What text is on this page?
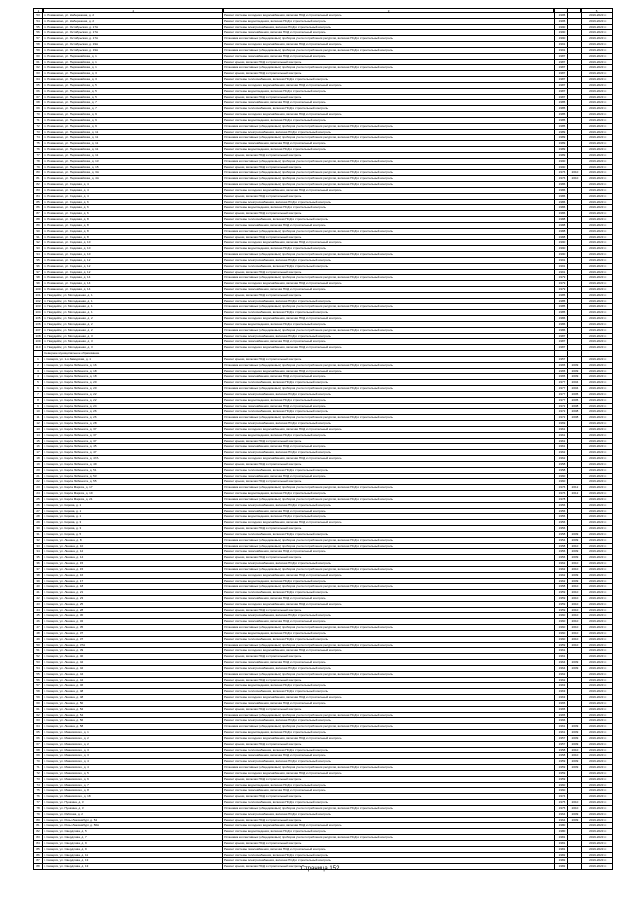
1	2	3	4	5
53	п. Ромашкино, ул. Набережная, д. 2	Ремонт системы холодного водоснабжения, включая ПСД и строительный контроль	1995	2019-2023 гг.
54	п. Ромашкино, ул. Набережная, д. 2	Ремонт системы водоотведения, включая ПСД и строительный контроль	1995	2019-2023 гг.
55	п. Ромашкино, ул. Октябрьская, д. 17А	Ремонт системы электроснабжения, включая ПСД и строительный контроль	1990	2019-2023 гг.
56	п. Ромашкино, ул. Октябрьская, д. 17А	Ремонт системы газоснабжения, включая ПСД и строительный контроль	1990	2019-2023 гг.
57	п. Ромашкино, ул. Октябрьская, д. 17А	Установка коллективных (общедомовых) приборов учета потребления ресурсов, включая ПСД и строительный контроль	1990	2019-2023 гг.
58	п. Ромашкино, ул. Октябрьская, д. 19А	Ремонт системы холодного водоснабжения, включая ПСД и строительный контроль	1991	2019-2023 гг.
59	п. Ромашкино, ул. Октябрьская, д. 19А	Установка коллективных (общедомовых) приборов учета потребления ресурсов, включая ПСД и строительный контроль	1991	2019-2023 гг.
60	п. Ромашкино, ул. Первомайская, д. 1	Ремонт системы газоснабжения, включая ПСД и строительный контроль	1987	2019-2023 гг.
61	п. Ромашкино, ул. Первомайская, д. 1	Ремонт крыши, включая ПСД и строительный контроль	1987	2019-2023 гг.
62	п. Ромашкино, ул. Первомайская, д. 1	Установка коллективных (общедомовых) приборов учета потребления ресурсов, включая ПСД и строительный контроль	1987	2019-2023 гг.
63	п. Ромашкино, ул. Первомайская, д. 3	Ремонт крыши, включая ПСД и строительный контроль	1987	2019-2023 гг.
64	п. Ромашкино, ул. Первомайская, д. 3	Ремонт системы теплоснабжения, включая ПСД и строительный контроль	1987	2019-2023 гг.
65	п. Ромашкино, ул. Первомайская, д. 5	Ремонт системы холодного водоснабжения, включая ПСД и строительный контроль	1987	2019-2023 гг.
66	п. Ромашкино, ул. Первомайская, д. 5	Ремонт системы водоотведения, включая ПСД и строительный контроль	1987	2019-2023 гг.
67	п. Ромашкино, ул. Первомайская, д. 5	Ремонт крыши, включая ПСД и строительный контроль	1987	2019-2023 гг.
68	п. Ромашкино, ул. Первомайская, д. 7	Ремонт системы газоснабжения, включая ПСД и строительный контроль	1985	2019-2023 гг.
69	п. Ромашкино, ул. Первомайская, д. 7	Ремонт системы теплоснабжения, включая ПСД и строительный контроль	1985	2019-2023 гг.
70	п. Ромашкино, ул. Первомайская, д. 9	Ремонт системы холодного водоснабжения, включая ПСД и строительный контроль	1985	2019-2023 гг.
71	п. Ромашкино, ул. Первомайская, д. 9	Ремонт системы водоотведения, включая ПСД и строительный контроль	1985	2019-2023 гг.
72	п. Ромашкино, ул. Первомайская, д. 9	Установка коллективных (общедомовых) приборов учета потребления ресурсов, включая ПСД и строительный контроль	1985	2019-2023 гг.
73	п. Ромашкино, ул. Первомайская, д. 11	Ремонт системы электроснабжения, включая ПСД и строительный контроль	1989	2019-2023 гг.
74	п. Ромашкино, ул. Первомайская, д. 11	Установка коллективных (общедомовых) приборов учета потребления ресурсов, включая ПСД и строительный контроль	1989	2019-2023 гг.
75	п. Ромашкино, ул. Первомайская, д. 11	Ремонт системы газоснабжения, включая ПСД и строительный контроль	1989	2019-2023 гг.
76	п. Ромашкино, ул. Первомайская, д. 11	Ремонт системы водоотведения, включая ПСД и строительный контроль	1989	2019-2023 гг.
77	п. Ромашкино, ул. Первомайская, д. 11	Ремонт крыши, включая ПСД и строительный контроль	1989	2019-2023 гг.
78	п. Ромашкино, ул. Первомайская, д. 13	Установка коллективных (общедомовых) приборов учета потребления ресурсов, включая ПСД и строительный контроль	1990	2019-2023 гг.
79	п. Ромашкино, ул. Первомайская, д. 15	Ремонт крыши, включая ПСД и строительный контроль	1990	2019-2023 гг.
80	п. Ромашкино, ул. Первомайская, д. 3А	Установка коллективных (общедомовых) приборов учета потребления ресурсов, включая ПСД и строительный контроль	1976	2010	2019-2023 гг.
81	п. Ромашкино, ул. Первомайская, д. 4А	Установка коллективных (общедомовых) приборов учета потребления ресурсов, включая ПСД и строительный контроль	1976	2010	2019-2023 гг.
82	п. Ромашкино, ул. Садовая, д. 4	Установка коллективных (общедомовых) приборов учета потребления ресурсов, включая ПСД и строительный контроль	1986	2019-2023 гг.
83	п. Ромашкино, ул. Садовая, д. 4	Ремонт системы холодного водоснабжения, включая ПСД и строительный контроль	1986	2019-2023 гг.
84	п. Ромашкино, ул. Садовая, д. 4	Ремонт крыши, включая ПСД и строительный контроль	1986	2019-2023 гг.
85	п. Ромашкино, ул. Садовая, д. 6	Ремонт системы электроснабжения, включая ПСД и строительный контроль	1986	2019-2023 гг.
86	п. Ромашкино, ул. Садовая, д. 6	Ремонт системы водоотведения, включая ПСД и строительный контроль	1986	2019-2023 гг.
87	п. Ромашкино, ул. Садовая, д. 6	Ремонт крыши, включая ПСД и строительный контроль	1986	2019-2023 гг.
88	п. Ромашкино, ул. Садовая, д. 8	Ремонт системы теплоснабжения, включая ПСД и строительный контроль	1988	2019-2023 гг.
89	п. Ромашкино, ул. Садовая, д. 8	Ремонт системы газоснабжения, включая ПСД и строительный контроль	1988	2019-2023 гг.
90	п. Ромашкино, ул. Садовая, д. 8	Установка коллективных (общедомовых) приборов учета потребления ресурсов, включая ПСД и строительный контроль	1988	2019-2023 гг.
91	п. Ромашкино, ул. Садовая, д. 8	Ремонт крыши, включая ПСД и строительный контроль	1988	2019-2023 гг.
92	п. Ромашкино, ул. Садовая, д. 10	Ремонт системы холодного водоснабжения, включая ПСД и строительный контроль	1990	2019-2023 гг.
93	п. Ромашкино, ул. Садовая, д. 10	Ремонт системы водоотведения, включая ПСД и строительный контроль	1990	2019-2023 гг.
94	п. Ромашкино, ул. Садовая, д. 10	Установка коллективных (общедомовых) приборов учета потребления ресурсов, включая ПСД и строительный контроль	1990	2019-2023 гг.
95	п. Ромашкино, ул. Садовая, д. 12	Ремонт системы электроснабжения, включая ПСД и строительный контроль	1991	2019-2023 гг.
96	п. Ромашкино, ул. Садовая, д. 12	Ремонт системы теплоснабжения, включая ПСД и строительный контроль	1991	2019-2023 гг.
97	п. Ромашкино, ул. Садовая, д. 12	Ремонт крыши, включая ПСД и строительный контроль	1991	2019-2023 гг.
98	п. Ромашкино, ул. Садовая, д. 14	Установка коллективных (общедомовых) приборов учета потребления ресурсов, включая ПСД и строительный контроль	1979	2019-2023 гг.
99	п. Ромашкино, ул. Садовая, д. 14	Ремонт системы холодного водоснабжения, включая ПСД и строительный контроль	1979	2019-2023 гг.
100	п. Ромашкино, ул. Садовая, д. 14	Ремонт системы газоснабжения, включая ПСД и строительный контроль	1979	2019-2023 гг.
101	п. Гвардейск, ул. Молодежная, д. 1	Ремонт крыши, включая ПСД и строительный контроль	1985	2019-2023 гг.
102	п. Гвардейск, ул. Молодежная, д. 1	Ремонт системы электроснабжения, включая ПСД и строительный контроль	1985	2019-2023 гг.
103	п. Гвардейск, ул. Молодежная, д. 1	Установка коллективных (общедомовых) приборов учета потребления ресурсов, включая ПСД и строительный контроль	1985	2019-2023 гг.
104	п. Гвардейск, ул. Молодежная, д. 1	Ремонт системы теплоснабжения, включая ПСД и строительный контроль	1985	2019-2023 гг.
105	п. Гвардейск, ул. Молодежная, д. 2	Ремонт системы холодного водоснабжения, включая ПСД и строительный контроль	1986	2019-2023 гг.
106	п. Гвардейск, ул. Молодежная, д. 2	Ремонт системы водоотведения, включая ПСД и строительный контроль	1986	2019-2023 гг.
107	п. Гвардейск, ул. Молодежная, д. 2	Установка коллективных (общедомовых) приборов учета потребления ресурсов, включая ПСД и строительный контроль	1986	2019-2023 гг.
108	п. Гвардейск, ул. Молодежная, д. 3	Ремонт системы электроснабжения, включая ПСД и строительный контроль	1987	2019-2023 гг.
109	п. Гвардейск, ул. Молодежная, д. 3	Ремонт системы газоснабжения, включая ПСД и строительный контроль	1987	2019-2023 гг.
110	п. Гвардейск, ул. Молодежная, д. 3	Ремонт системы холодного водоснабжения, включая ПСД и строительный контроль	1987	2019-2023 гг.
Северное муниципальное образование
1	г. Северск, ул. 1-я Заводская, д. 1	Ремонт крыши, включая ПСД и строительный контроль	1957	2019-2023 гг.
2	г. Северск, ул. Карла Либкнехта, д. 16	Установка коллективных (общедомовых) приборов учета потребления ресурсов, включая ПСД и строительный контроль	1965	2009	2019-2023 гг.
3	г. Северск, ул. Карла Либкнехта, д. 18	Ремонт системы холодного водоснабжения, включая ПСД и строительный контроль	1965	2009	2019-2023 гг.
4	г. Северск, ул. Карла Либкнехта, д. 18	Ремонт системы газоснабжения, включая ПСД и строительный контроль	1965	2009	2019-2023 гг.
5	г. Северск, ул. Карла Либкнехта, д. 20	Ремонт системы теплоснабжения, включая ПСД и строительный контроль	1977	2004	2019-2023 гг.
6	г. Северск, ул. Карла Либкнехта, д. 20	Установка коллективных (общедомовых) приборов учета потребления ресурсов, включая ПСД и строительный контроль	1977	2004	2019-2023 гг.
7	г. Северск, ул. Карла Либкнехта, д. 22	Ремонт системы электроснабжения, включая ПСД и строительный контроль	1977	2005	2019-2023 гг.
8	г. Северск, ул. Карла Либкнехта, д. 22	Ремонт системы водоотведения, включая ПСД и строительный контроль	1977	2005	2019-2023 гг.
9	г. Северск, ул. Карла Либкнехта, д. 24	Ремонт системы газоснабжения, включая ПСД и строительный контроль	1972	2008	2019-2023 гг.
10	г. Северск, ул. Карла Либкнехта, д. 26	Ремонт системы теплоснабжения, включая ПСД и строительный контроль	1972	2008	2019-2023 гг.
11	г. Северск, ул. Карла Либкнехта, д. 26	Установка коллективных (общедомовых) приборов учета потребления ресурсов, включая ПСД и строительный контроль	1972	2008	2019-2023 гг.
12	г. Северск, ул. Карла Либкнехта, д. 28	Ремонт системы электроснабжения, включая ПСД и строительный контроль	1969	2019-2023 гг.
13	г. Северск, ул. Карла Либкнехта, д. 37	Ремонт системы холодного водоснабжения, включая ПСД и строительный контроль	1961	2019-2023 гг.
14	г. Северск, ул. Карла Либкнехта, д. 37	Ремонт системы водоотведения, включая ПСД и строительный контроль	1961	2019-2023 гг.
15	г. Северск, ул. Карла Либкнехта, д. 37	Ремонт крыши, включая ПСД и строительный контроль	1961	2019-2023 гг.
16	г. Северск, ул. Карла Либкнехта, д. 45	Ремонт системы газоснабжения, включая ПСД и строительный контроль	1961	2019-2023 гг.
17	г. Северск, ул. Карла Либкнехта, д. 47	Ремонт системы электроснабжения, включая ПСД и строительный контроль	1962	2019-2023 гг.
18	г. Северск, ул. Карла Либкнехта, д. 47А	Ремонт системы холодного водоснабжения, включая ПСД и строительный контроль	1962	2019-2023 гг.
19	г. Северск, ул. Карла Либкнехта, д. 49	Ремонт крыши, включая ПСД и строительный контроль	1958	2019-2023 гг.
20	г. Северск, ул. Карла Либкнехта, д. 51	Ремонт системы теплоснабжения, включая ПСД и строительный контроль	1958	2019-2023 гг.
21	г. Северск, ул. Карла Либкнехта, д. 53	Ремонт системы газоснабжения, включая ПСД и строительный контроль	1960	2019-2023 гг.
22	г. Северск, ул. Карла Либкнехта, д. 55	Ремонт крыши, включая ПСД и строительный контроль	1960	2019-2023 гг.
23	г. Северск, ул. Карла Маркса, д. 17	Установка коллективных (общедомовых) приборов учета потребления ресурсов, включая ПСД и строительный контроль	1976	2012	2019-2023 гг.
24	г. Северск, ул. Карла Маркса, д. 19	Ремонт системы водоотведения, включая ПСД и строительный контроль	1976	2012	2019-2023 гг.
25	г. Северск, ул. Карла Маркса, д. 21	Установка коллективных (общедомовых) приборов учета потребления ресурсов, включая ПСД и строительный контроль	1978	2019-2023 гг.
26	г. Северск, ул. Кирова, д. 1	Ремонт системы электроснабжения, включая ПСД и строительный контроль	1956	2019-2023 гг.
27	г. Северск, ул. Кирова, д. 1	Ремонт системы газоснабжения, включая ПСД и строительный контроль	1956	2019-2023 гг.
28	г. Северск, ул. Кирова, д. 1	Ремонт системы водоотведения, включая ПСД и строительный контроль	1956	2019-2023 гг.
29	г. Северск, ул. Кирова, д. 3	Ремонт системы холодного водоснабжения, включая ПСД и строительный контроль	1956	2019-2023 гг.
30	г. Северск, ул. Кирова, д. 3	Ремонт крыши, включая ПСД и строительный контроль	1956	2019-2023 гг.
31	г. Северск, ул. Кирова, д. 5	Ремонт системы теплоснабжения, включая ПСД и строительный контроль	1958	2009	2019-2023 гг.
32	г. Северск, ул. Ленина, д. 8	Установка коллективных (общедомовых) приборов учета потребления ресурсов, включая ПСД и строительный контроль	1954	2009	2019-2023 гг.
33	г. Северск, ул. Ленина, д. 10	Установка коллективных (общедомовых) приборов учета потребления ресурсов, включая ПСД и строительный контроль	1958	2010	2019-2023 гг.
34	г. Северск, ул. Ленина, д. 12	Ремонт системы газоснабжения, включая ПСД и строительный контроль	1956	2009	2019-2023 гг.
35	г. Северск, ул. Ленина, д. 14	Ремонт крыши, включая ПСД и строительный контроль	1956	2009	2019-2023 гг.
36	г. Северск, ул. Ленина, д. 15	Ремонт системы электроснабжения, включая ПСД и строительный контроль	1962	2010	2019-2023 гг.
37	г. Северск, ул. Ленина, д. 15	Установка коллективных (общедомовых) приборов учета потребления ресурсов, включая ПСД и строительный контроль	1962	2010	2019-2023 гг.
38	г. Северск, ул. Ленина, д. 16	Ремонт системы холодного водоснабжения, включая ПСД и строительный контроль	1962	2009	2019-2023 гг.
39	г. Северск, ул. Ленина, д. 17	Ремонт системы водоотведения, включая ПСД и строительный контроль	1962	2009	2019-2023 гг.
40	г. Северск, ул. Ленина, д. 18	Установка коллективных (общедомовых) приборов учета потребления ресурсов, включая ПСД и строительный контроль	1958	2010	2019-2023 гг.
41	г. Северск, ул. Ленина, д. 21	Ремонт системы теплоснабжения, включая ПСД и строительный контроль	1959	2010	2019-2023 гг.
42	г. Северск, ул. Ленина, д. 23	Ремонт системы газоснабжения, включая ПСД и строительный контроль	1959	2010	2019-2023 гг.
43	г. Северск, ул. Ленина, д. 25	Ремонт системы холодного водоснабжения, включая ПСД и строительный контроль	1959	2010	2019-2023 гг.
44	г. Северск, ул. Ленина, д. 28	Ремонт крыши, включая ПСД и строительный контроль	1959	2010	2019-2023 гг.
45	г. Северск, ул. Ленина, д. 30	Ремонт системы электроснабжения, включая ПСД и строительный контроль	1960	2010	2019-2023 гг.
46	г. Северск, ул. Ленина, д. 32	Ремонт системы газоснабжения, включая ПСД и строительный контроль	1960	2010	2019-2023 гг.
47	г. Северск, ул. Ленина, д. 35	Установка коллективных (общедомовых) приборов учета потребления ресурсов, включая ПСД и строительный контроль	1960	2010	2019-2023 гг.
48	г. Северск, ул. Ленина, д. 37	Ремонт системы водоотведения, включая ПСД и строительный контроль	1960	2010	2019-2023 гг.
49	г. Северск, ул. Ленина, д. 37	Ремонт системы теплоснабжения, включая ПСД и строительный контроль	1960	2010	2019-2023 гг.
50	г. Северск, ул. Ленина, д. 37А	Установка коллективных (общедомовых) приборов учета потребления ресурсов, включая ПСД и строительный контроль	1959	2010	2019-2023 гг.
51	г. Северск, ул. Ленина, д. 39	Ремонт системы холодного водоснабжения, включая ПСД и строительный контроль	1961	2019-2023 гг.
52	г. Северск, ул. Ленина, д. 40	Ремонт крыши, включая ПСД и строительный контроль	1961	2019-2023 гг.
53	г. Северск, ул. Ленина, д. 42	Ремонт системы газоснабжения, включая ПСД и строительный контроль	1964	2009	2019-2023 гг.
54	г. Северск, ул. Ленина, д. 42	Ремонт системы электроснабжения, включая ПСД и строительный контроль	1964	2009	2019-2023 гг.
55	г. Северск, ул. Ленина, д. 44	Установка коллективных (общедомовых) приборов учета потребления ресурсов, включая ПСД и строительный контроль	1962	2019-2023 гг.
56	г. Северск, ул. Ленина, д. 44	Ремонт крыши, включая ПСД и строительный контроль	1962	2019-2023 гг.
57	г. Северск, ул. Ленина, д. 46	Ремонт системы водоотведения, включая ПСД и строительный контроль	1963	2019-2023 гг.
58	г. Северск, ул. Ленина, д. 48	Ремонт системы теплоснабжения, включая ПСД и строительный контроль	1963	2019-2023 гг.
59	г. Северск, ул. Ленина, д. 48	Ремонт системы холодного водоснабжения, включая ПСД и строительный контроль	1963	2019-2023 гг.
60	г. Северск, ул. Ленина, д. 50	Ремонт системы газоснабжения, включая ПСД и строительный контроль	1965	2019-2023 гг.
61	г. Северск, ул. Ленина, д. 52	Ремонт крыши, включая ПСД и строительный контроль	1965	2019-2023 гг.
62	г. Северск, ул. Ленина, д. 54	Установка коллективных (общедомовых) приборов учета потребления ресурсов, включая ПСД и строительный контроль	1965	2019-2023 гг.
63	г. Северск, ул. Ленина, д. 56	Ремонт системы электроснабжения, включая ПСД и строительный контроль	1966	2019-2023 гг.
64	г. Северск, ул. Ленина, д. 58	Установка коллективных (общедомовых) приборов учета потребления ресурсов, включая ПСД и строительный контроль	1961	2009	2019-2023 гг.
65	г. Северск, ул. Маяковского, д. 1	Ремонт системы водоотведения, включая ПСД и строительный контроль	1961	2009	2019-2023 гг.
66	г. Северск, ул. Маяковского, д. 2	Ремонт системы холодного водоснабжения, включая ПСД и строительный контроль	1957	2009	2019-2023 гг.
67	г. Северск, ул. Маяковского, д. 2	Ремонт крыши, включая ПСД и строительный контроль	1957	2009	2019-2023 гг.
68	г. Северск, ул. Маяковского, д. 3	Ремонт системы теплоснабжения, включая ПСД и строительный контроль	1958	2010	2019-2023 гг.
69	г. Северск, ул. Маяковского, д. 3	Ремонт системы газоснабжения, включая ПСД и строительный контроль	1958	2010	2019-2023 гг.
70	г. Северск, ул. Маяковского, д. 4	Ремонт системы электроснабжения, включая ПСД и строительный контроль	1959	2009	2019-2023 гг.
71	г. Северск, ул. Маяковского, д. 4	Установка коллективных (общедомовых) приборов учета потребления ресурсов, включая ПСД и строительный контроль	1959	2009	2019-2023 гг.
72	г. Северск, ул. Маяковского, д. 5	Ремонт системы холодного водоснабжения, включая ПСД и строительный контроль	1959	2019-2023 гг.
73	г. Северск, ул. Маяковского, д. 6	Ремонт крыши, включая ПСД и строительный контроль	1959	2019-2023 гг.
74	г. Северск, ул. Маяковского, д. 7	Ремонт системы водоотведения, включая ПСД и строительный контроль	1960	2019-2023 гг.
75	г. Северск, ул. Маяковского, д. 8	Ремонт системы газоснабжения, включая ПСД и строительный контроль	1960	2019-2023 гг.
76	г. Северск, ул. Маяковского, д. 18	Ремонт крыши, включая ПСД и строительный контроль	1974	2019-2023 гг.
77	г. Северск, ул. Пушкина, д. 3	Ремонт системы теплоснабжения, включая ПСД и строительный контроль	1975	2010	2019-2023 гг.
78	г. Северск, ул. Пушкина, д. 3	Установка коллективных (общедомовых) приборов учета потребления ресурсов, включая ПСД и строительный контроль	1975	2010	2019-2023 гг.
79	г. Северск, ул. Рабочая, д. 2	Ремонт системы электроснабжения, включая ПСД и строительный контроль	1964	2009	2019-2023 гг.
80	г. Северск, ул. Розы Люксембург, д. 54	Ремонт крыши, включая ПСД и строительный контроль	1964	2009	2019-2023 гг.
81	г. Северск, ул. Розы Люксембург, д. 56А	Ремонт системы холодного водоснабжения, включая ПСД и строительный контроль	1980	2019-2023 гг.
82	г. Северск, ул. Свердлова, д. 5	Ремонт системы водоотведения, включая ПСД и строительный контроль	1980	2019-2023 гг.
83	г. Северск, ул. Свердлова, д. 7	Установка коллективных (общедомовых) приборов учета потребления ресурсов, включая ПСД и строительный контроль	1981	2019-2023 гг.
84	г. Северск, ул. Свердлова, д. 9	Ремонт крыши, включая ПСД и строительный контроль	1981	2019-2023 гг.
85	г. Северск, ул. Свердлова, д. 9	Ремонт системы газоснабжения, включая ПСД и строительный контроль	1981	2019-2023 гг.
86	г. Северск, ул. Свердлова, д. 11	Ремонт системы теплоснабжения, включая ПСД и строительный контроль	1982	2019-2023 гг.
87	г. Северск, ул. Свердлова, д. 13	Ремонт системы электроснабжения, включая ПСД и строительный контроль	1982	2019-2023 гг.
88	г. Северск, ул. Свердлова, д. 13	Ремонт крыши, включая ПСД и строительный контроль	1982	2019-2023 гг.
Страница 152
